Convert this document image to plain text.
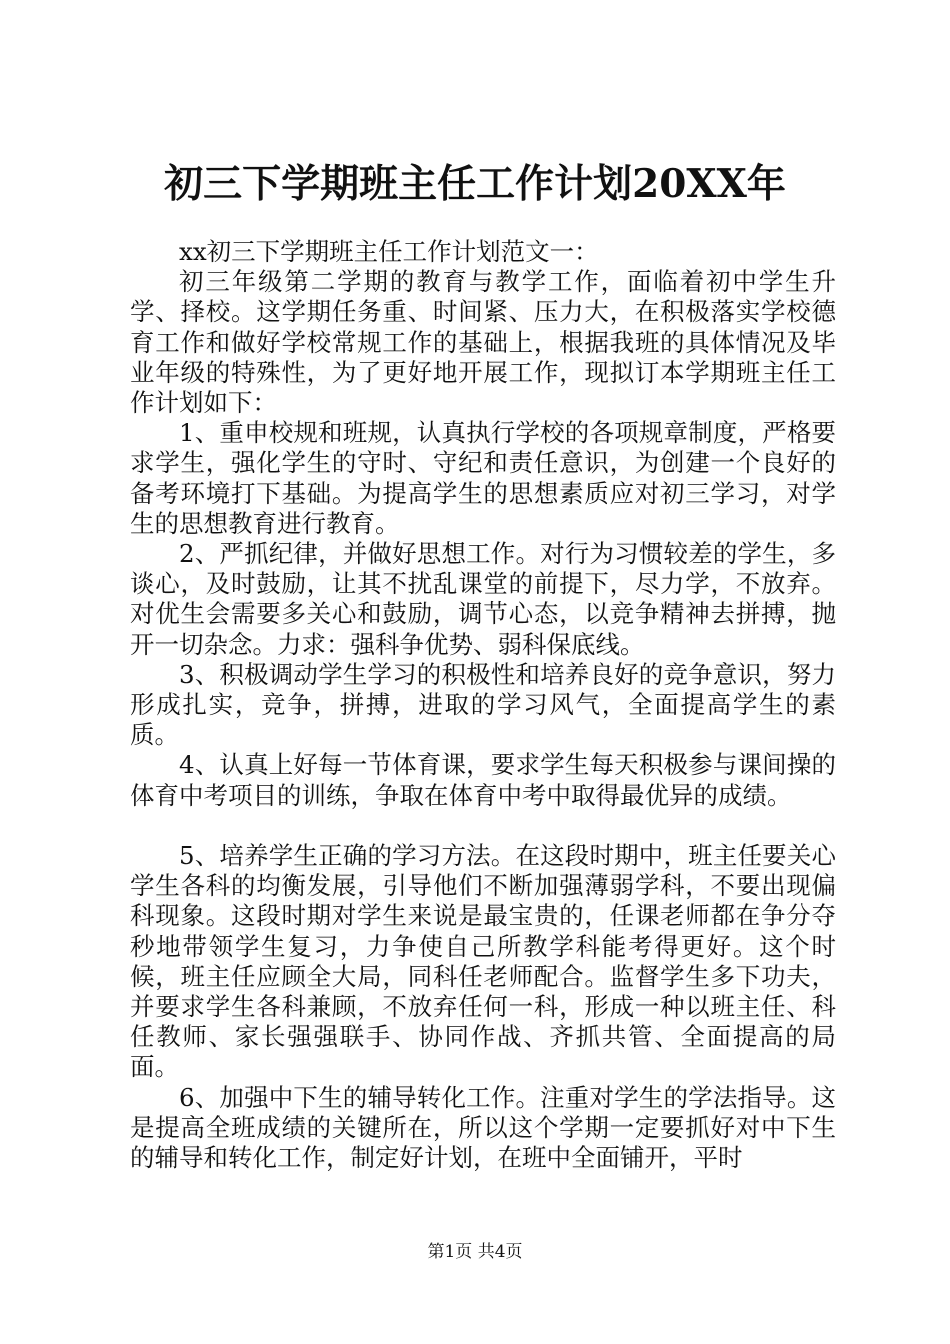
初三下学期班主任工作计划20XX年

xx初三下学期班主任工作计划范文一：

初三年级第二学期的教育与教学工作，面临着初中学生升学、择校。这学期任务重、时间紧、压力大，在积极落实学校德育工作和做好学校常规工作的基础上，根据我班的具体情况及毕业年级的特殊性，为了更好地开展工作，现拟订本学期班主任工作计划如下：

1、重申校规和班规，认真执行学校的各项规章制度，严格要求学生，强化学生的守时、守纪和责任意识，为创建一个良好的备考环境打下基础。为提高学生的思想素质应对初三学习，对学生的思想教育进行教育。

2、严抓纪律，并做好思想工作。对行为习惯较差的学生，多谈心，及时鼓励，让其不扰乱课堂的前提下，尽力学，不放弃。对优生会需要多关心和鼓励，调节心态，以竞争精神去拼搏，抛开一切杂念。力求：强科争优势、弱科保底线。

3、积极调动学生学习的积极性和培养良好的竞争意识，努力形成扎实，竞争，拼搏，进取的学习风气，全面提高学生的素质。

4、认真上好每一节体育课，要求学生每天积极参与课间操的体育中考项目的训练，争取在体育中考中取得最优异的成绩。

5、培养学生正确的学习方法。在这段时期中，班主任要关心学生各科的均衡发展，引导他们不断加强薄弱学科，不要出现偏科现象。这段时期对学生来说是最宝贵的，任课老师都在争分夺秒地带领学生复习，力争使自己所教学科能考得更好。这个时候，班主任应顾全大局，同科任老师配合。监督学生多下功夫，并要求学生各科兼顾，不放弃任何一科，形成一种以班主任、科任教师、家长强强联手、协同作战、齐抓共管、全面提高的局面。

6、加强中下生的辅导转化工作。注重对学生的学法指导。这是提高全班成绩的关键所在，所以这个学期一定要抓好对中下生的辅导和转化工作，制定好计划，在班中全面铺开，平时

第1页 共4页
